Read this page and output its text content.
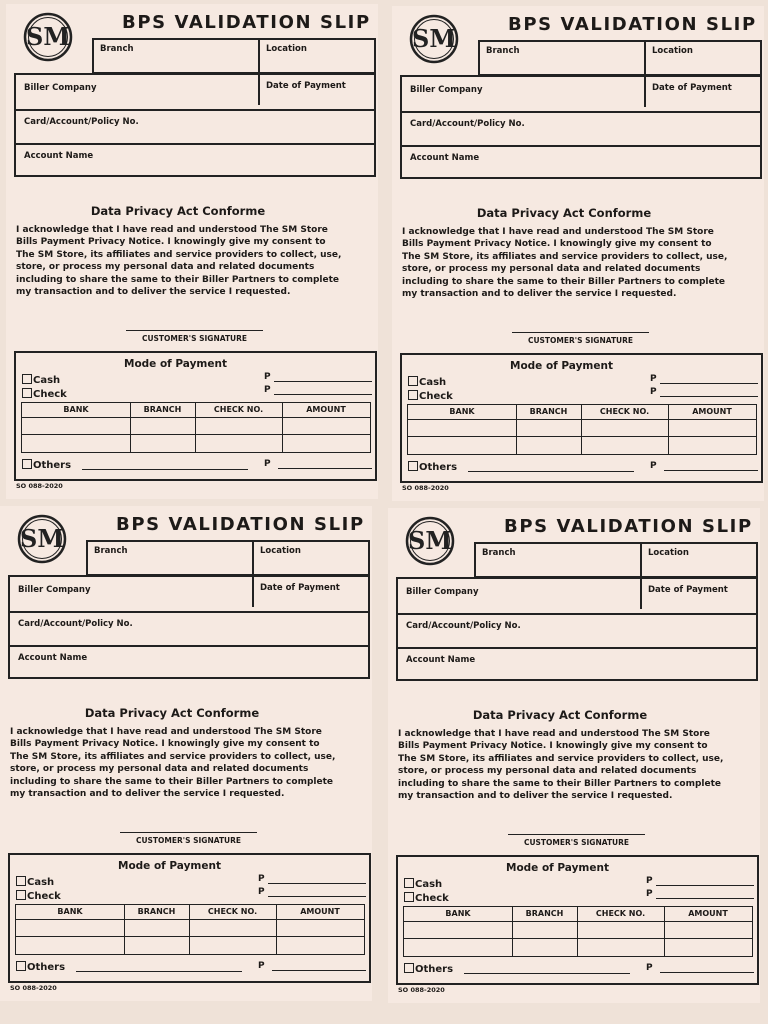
SM	BPS VALIDATION SLIP
Branch	Location
Biller Company	Date of Payment
Card/Account/Policy No.
Account Name
Data Privacy Act Conforme
I acknowledge that I have read and understood The SM Store
Bills Payment Privacy Notice. I knowingly give my consent to
The SM Store, its affiliates and service providers to collect, use,
store, or process my personal data and related documents
including to share the same to their Biller Partners to complete
my transaction and to deliver the service I requested.
CUSTOMER'S SIGNATURE
Mode of Payment
Cash
Check
P
P
BANK	BRANCH	CHECK NO.	AMOUNT
Others	P
SO 088-2020
SM	BPS VALIDATION SLIP
Branch	Location
Biller Company	Date of Payment
Card/Account/Policy No.
Account Name
Data Privacy Act Conforme
I acknowledge that I have read and understood The SM Store
Bills Payment Privacy Notice. I knowingly give my consent to
The SM Store, its affiliates and service providers to collect, use,
store, or process my personal data and related documents
including to share the same to their Biller Partners to complete
my transaction and to deliver the service I requested.
CUSTOMER'S SIGNATURE
Mode of Payment
Cash
Check
P
P
BANK	BRANCH	CHECK NO.	AMOUNT
Others	P
SO 088-2020
SM	BPS VALIDATION SLIP
Branch	Location
Biller Company	Date of Payment
Card/Account/Policy No.
Account Name
Data Privacy Act Conforme
I acknowledge that I have read and understood The SM Store
Bills Payment Privacy Notice. I knowingly give my consent to
The SM Store, its affiliates and service providers to collect, use,
store, or process my personal data and related documents
including to share the same to their Biller Partners to complete
my transaction and to deliver the service I requested.
CUSTOMER'S SIGNATURE
Mode of Payment
Cash
Check
P
P
BANK	BRANCH	CHECK NO.	AMOUNT
Others	P
SO 088-2020
SM	BPS VALIDATION SLIP
Branch	Location
Biller Company	Date of Payment
Card/Account/Policy No.
Account Name
Data Privacy Act Conforme
I acknowledge that I have read and understood The SM Store
Bills Payment Privacy Notice. I knowingly give my consent to
The SM Store, its affiliates and service providers to collect, use,
store, or process my personal data and related documents
including to share the same to their Biller Partners to complete
my transaction and to deliver the service I requested.
CUSTOMER'S SIGNATURE
Mode of Payment
Cash
Check
P
P
BANK	BRANCH	CHECK NO.	AMOUNT
Others	P
SO 088-2020
